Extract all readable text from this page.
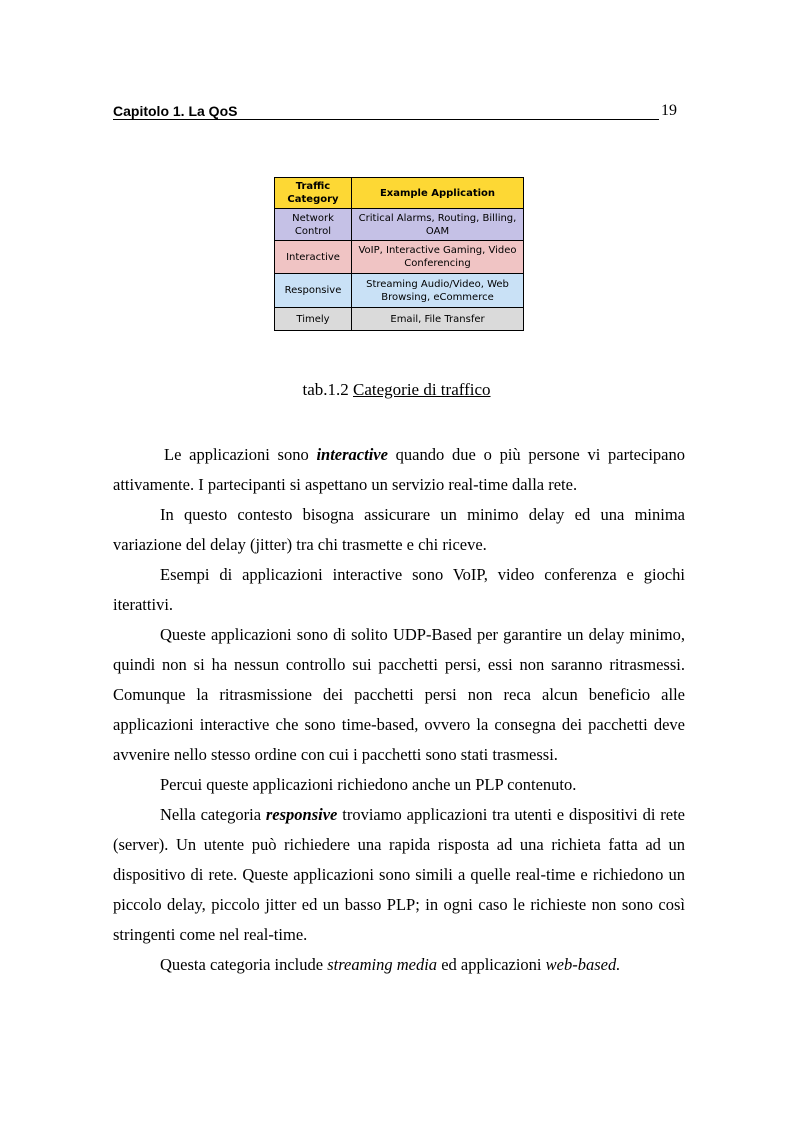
Capitolo 1. La QoS	19
Traffic Category	Example Application
Network Control	Critical Alarms, Routing, Billing, OAM
Interactive	VoIP, Interactive Gaming, Video Conferencing
Responsive	Streaming Audio/Video, Web Browsing, eCommerce
Timely	Email, File Transfer
tab.1.2 Categorie di traffico

Le applicazioni sono interactive quando due o più persone vi partecipano attivamente. I partecipanti si aspettano un servizio real-time dalla rete.

In questo contesto bisogna assicurare un minimo delay ed una minima variazione del delay (jitter) tra chi trasmette e chi riceve.

Esempi di applicazioni interactive sono VoIP, video conferenza e giochi iterattivi.

Queste applicazioni sono di solito UDP-Based per garantire un delay minimo, quindi non si ha nessun controllo sui pacchetti persi, essi non saranno ritrasmessi. Comunque la ritrasmissione dei pacchetti persi non reca alcun beneficio alle applicazioni interactive che sono time-based, ovvero la consegna dei pacchetti deve avvenire nello stesso ordine con cui i pacchetti sono stati trasmessi.

Percui queste applicazioni richiedono anche un PLP contenuto.

Nella categoria responsive troviamo applicazioni tra utenti e dispositivi di rete (server). Un utente può richiedere una rapida risposta ad una richieta fatta ad un dispositivo di rete. Queste applicazioni sono simili a quelle real-time e richiedono un piccolo delay, piccolo jitter ed un basso PLP; in ogni caso le richieste non sono così stringenti come nel real-time.

Questa categoria include streaming media ed applicazioni web-based.
